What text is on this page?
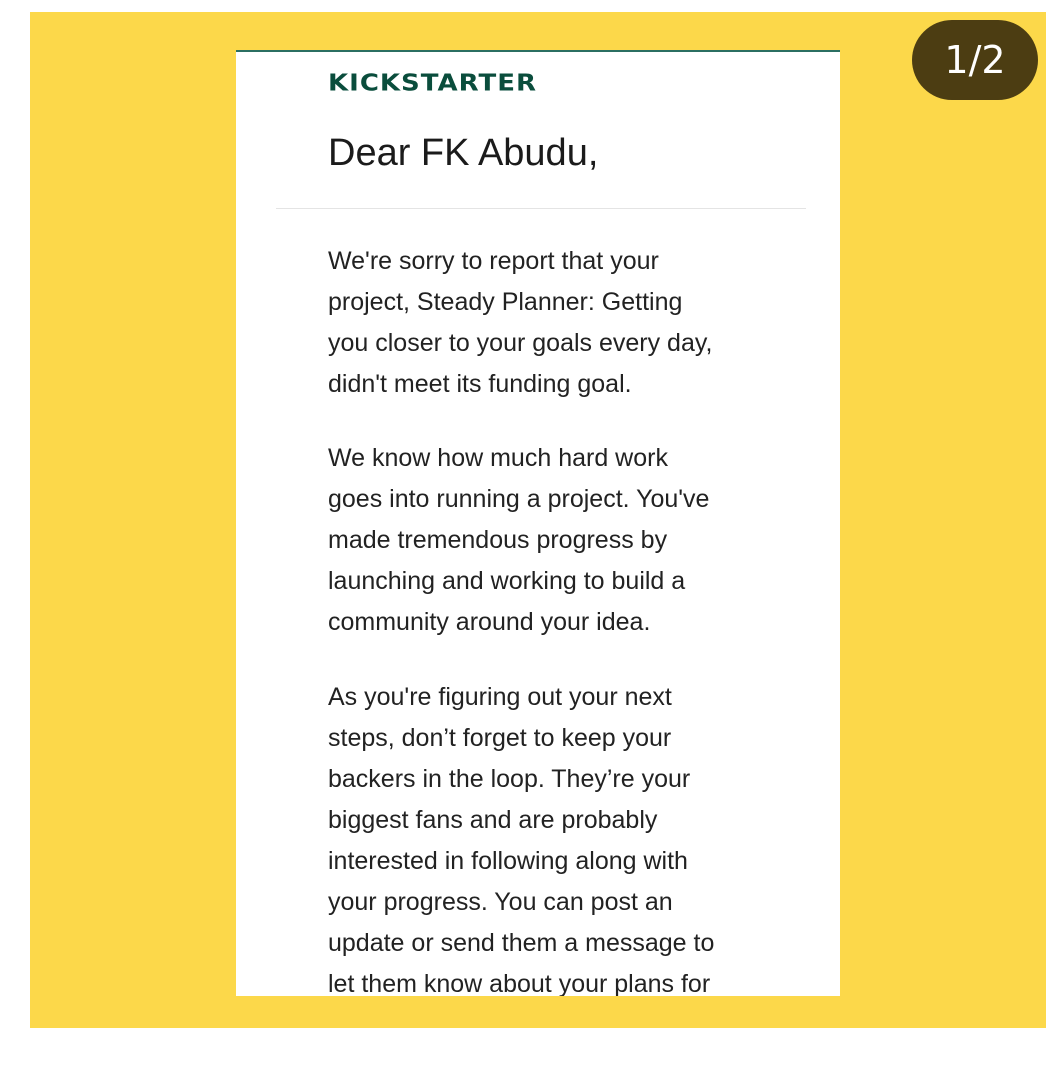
1/2
KICKSTARTER
Dear FK Abudu,
We're sorry to report that your
project, Steady Planner: Getting
you closer to your goals every day,
didn't meet its funding goal.
We know how much hard work
goes into running a project. You've
made tremendous progress by
launching and working to build a
community around your idea.
As you're figuring out your next
steps, don’t forget to keep your
backers in the loop. They’re your
biggest fans and are probably
interested in following along with
your progress. You can post an
update or send them a message to
let them know about your plans for
